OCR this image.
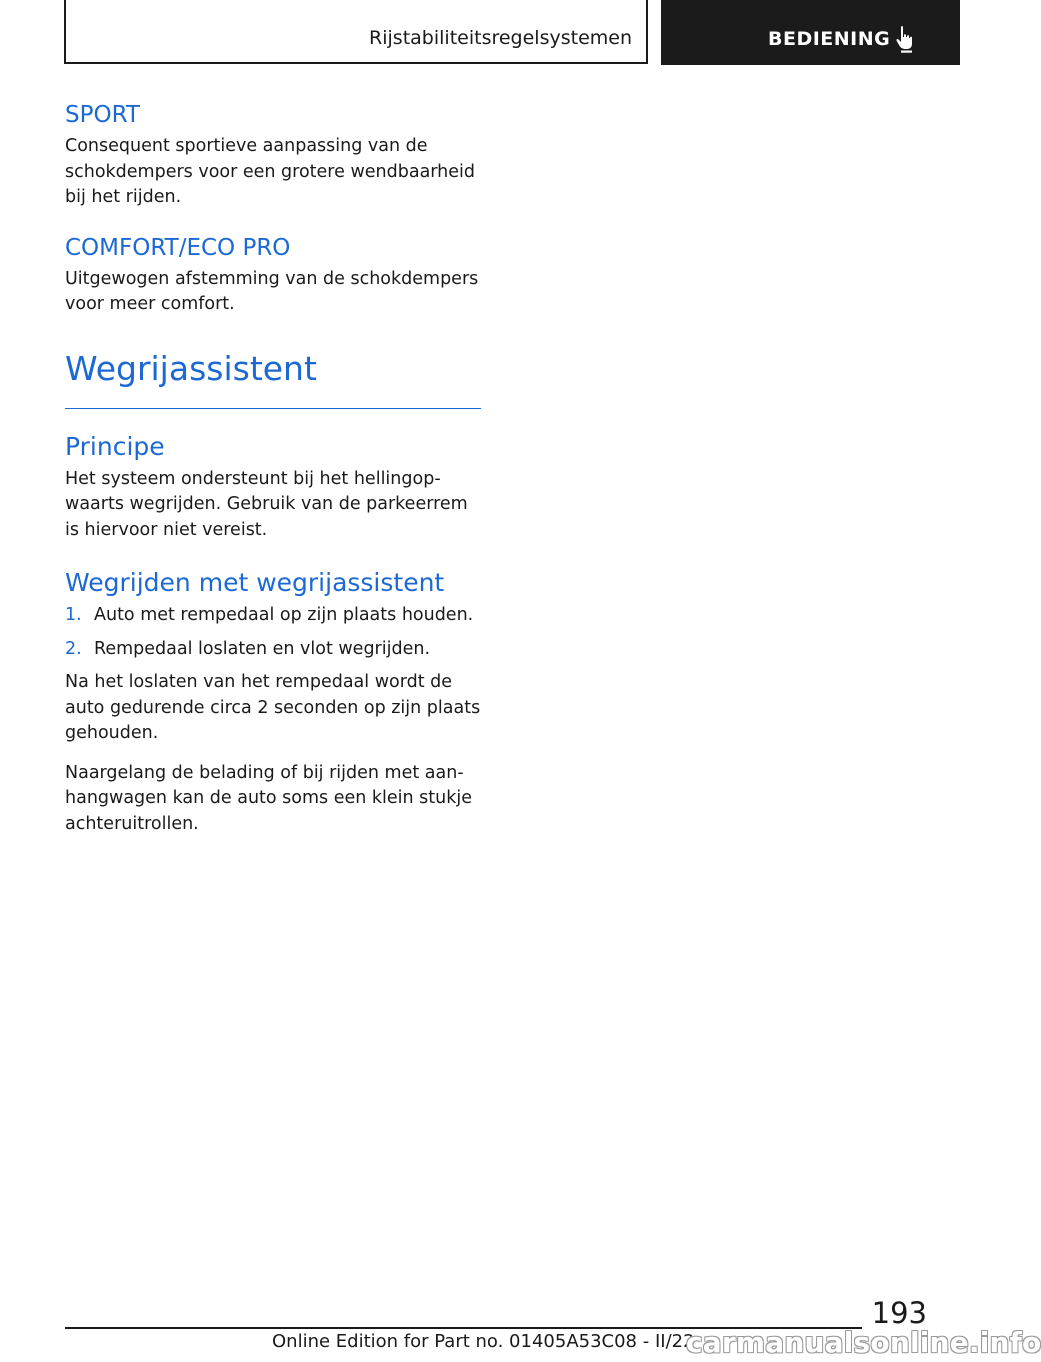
Rijstabiliteitsregelsystemen	BEDIENING
SPORT
Consequent sportieve aanpassing van de schokdempers voor een grotere wendbaarheid bij het rijden.
COMFORT/ECO PRO
Uitgewogen afstemming van de schokdempers voor meer comfort.
Wegrijassistent
Principe
Het systeem ondersteunt bij het hellingopwaarts wegrijden. Gebruik van de parkeerrem is hiervoor niet vereist.
Wegrijden met wegrijassistent
1. Auto met rempedaal op zijn plaats houden.
2. Rempedaal loslaten en vlot wegrijden.
Na het loslaten van het rempedaal wordt de auto gedurende circa 2 seconden op zijn plaats gehouden.
Naargelang de belading of bij rijden met aanhangwagen kan de auto soms een klein stukje achteruitrollen.
193
Online Edition for Part no. 01405A53C08 - II/22
carmanualsonline.info
